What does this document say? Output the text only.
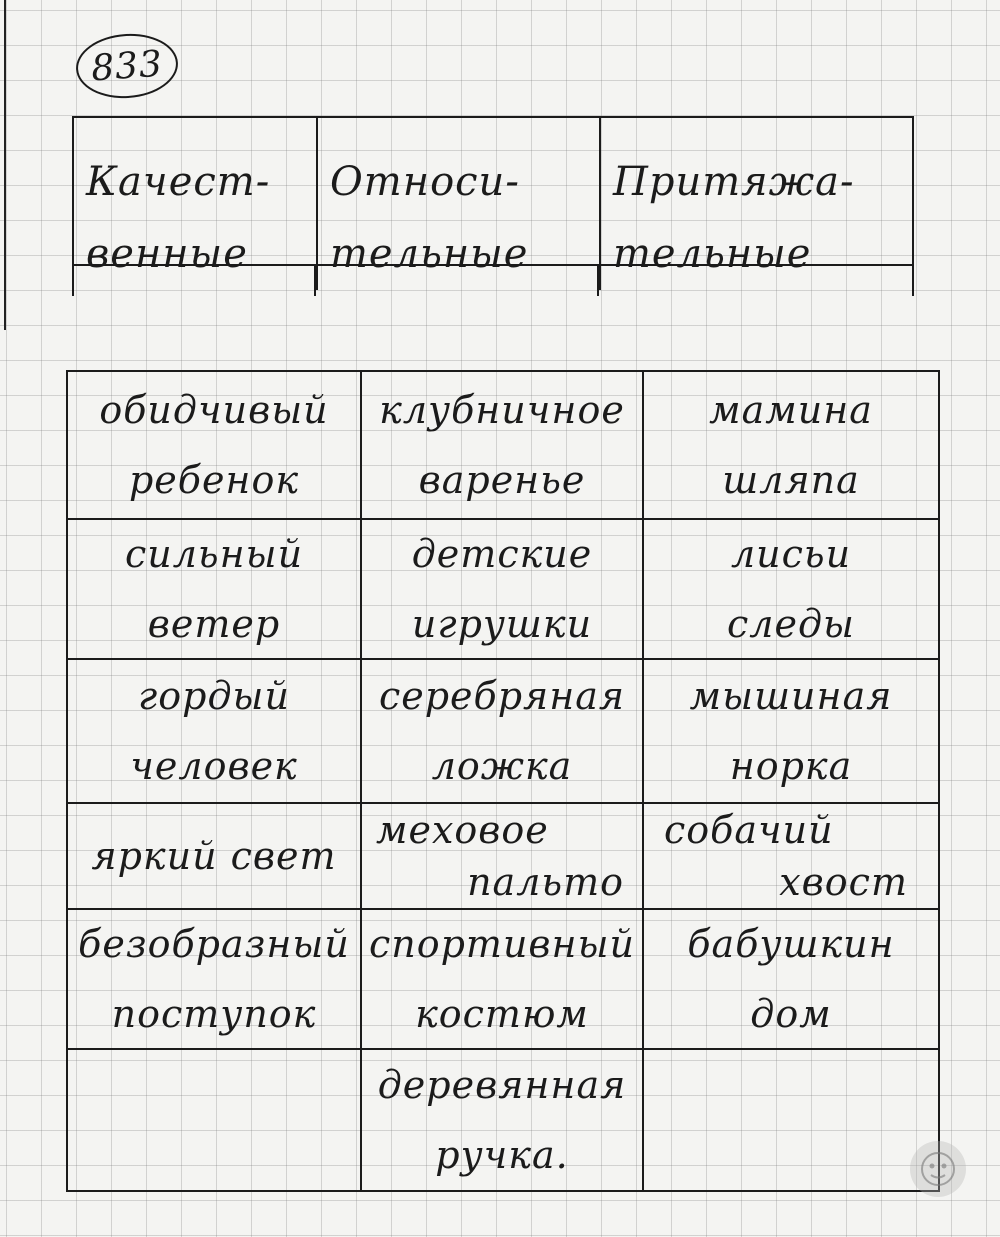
833
Качест-
венные
Относи-
тельные
Притяжа-
тельные
обидчивый
ребенок
клубничное
варенье
мамина
шляпа
сильный
ветер
детские
игрушки
лисьи
следы
гордый
человек
серебряная
ложка
мышиная
норка
яркий свет
меховое
пальто
собачий
хвост
безобразный
поступок
спортивный
костюм
бабушкин
дом
деревянная
ручка.
